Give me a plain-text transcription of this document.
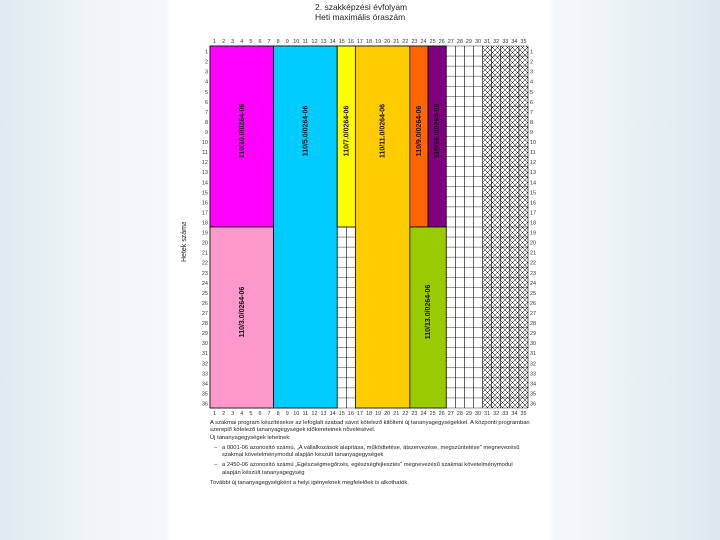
2. szakképzési évfolyam
Heti maximális óraszám
110/10.0/0264-06
110/3.0/0264-06
110/5.0/0264-06	110/7.0/0264-06	110/11.0/0264-06	110/9.0/0264-06 110/16.0/0264-06
110/13.0/0264-06
1
1
2
2
3
3
4
4
5
5
6
6
7
7
8
8
9
9
10
10
11
11
12
12
13
13
14
14
15
15
16
16
17
17
18
18
19
19
20
20
21
21
22
22
23
23
24
24
25
25
26
26
27
27
28
28
29
29
30
30
31
31
32
32
33
33
34
34
35
35
1	1
2	2
3	3
4	4
5	5
6	6
7	7
8	8
9	9
10	10
11	11
12	12
13	13
14	14
15	15
16	16
17	17
18	18
19	19
20	20
21	21
22	22
23	23
24	24
25	25
26	26
27	27
28	28
29	29
30	30
31	31
32	32
33	33
34	34
35	35
36	36
Hetek száma

A szakmai program készítésekor az lefoglalt szabad sávot kötelező kitölteni új tananyagegységekkel. A központi programban szereplő kötelező tananyagegységek időkereteinek növelésével.

Új tananyagegységek lehetnek:

– a 0001-06 azonosító számú, „A vállalkozások alapítása, működtetése, átszervezése, megszüntetése” megnevezésű szakmai követelménymodul alapján készült tananyagegységek

– a 2450-06 azonosító számú „Egészségmegőrzés, egészségfejlesztés” megnevezésű szakmai követelménymodul alapján készült tananyagegység

További új tananyagegységként a helyi igényeknek megfelelőek is alkothatók.
